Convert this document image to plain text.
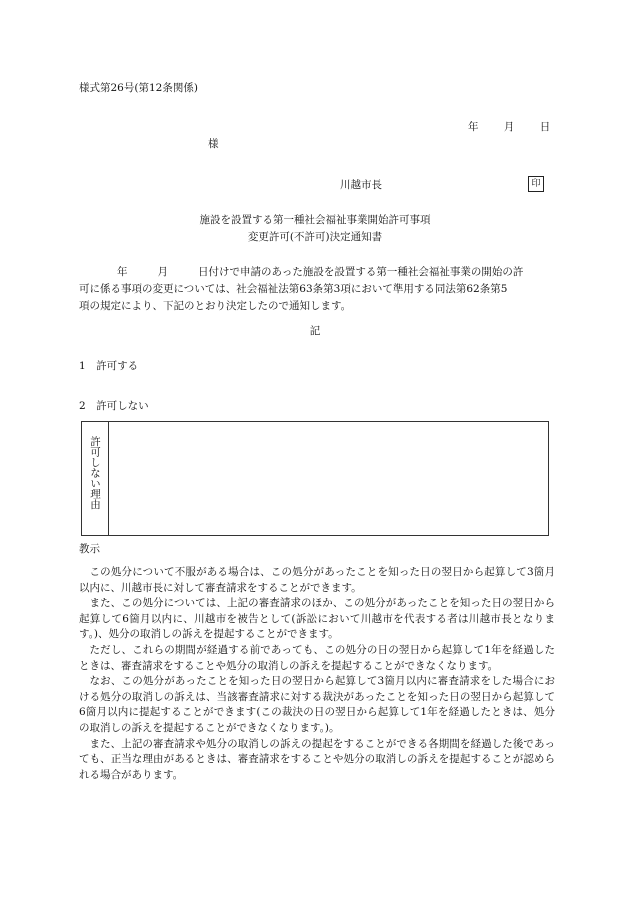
様式第26号(第12条関係)
年 月 日
様
川越市長	印
施設を設置する第一種社会福祉事業開始許可事項
変更許可(不許可)決定通知書
年	月	日付けで申請のあった施設を設置する第一種社会福祉事業の開始の許
可に係る事項の変更については、社会福祉法第63条第3項において準用する同法第62条第5
項の規定により、下記のとおり決定したので通知します。
記
1　許可する
2　許可しない
許可しない理由
教示

この処分について不服がある場合は、この処分があったことを知った日の翌日から起算して3箇月以内に、川越市長に対して審査請求をすることができます。

また、この処分については、上記の審査請求のほか、この処分があったことを知った日の翌日から起算して6箇月以内に、川越市を被告として(訴訟において川越市を代表する者は川越市長となります。)、処分の取消しの訴えを提起することができます。

ただし、これらの期間が経過する前であっても、この処分の日の翌日から起算して1年を経過したときは、審査請求をすることや処分の取消しの訴えを提起することができなくなります。

なお、この処分があったことを知った日の翌日から起算して3箇月以内に審査請求をした場合における処分の取消しの訴えは、当該審査請求に対する裁決があったことを知った日の翌日から起算して6箇月以内に提起することができます(この裁決の日の翌日から起算して1年を経過したときは、処分の取消しの訴えを提起することができなくなります。)。

また、上記の審査請求や処分の取消しの訴えの提起をすることができる各期間を経過した後であっても、正当な理由があるときは、審査請求をすることや処分の取消しの訴えを提起することが認められる場合があります。
